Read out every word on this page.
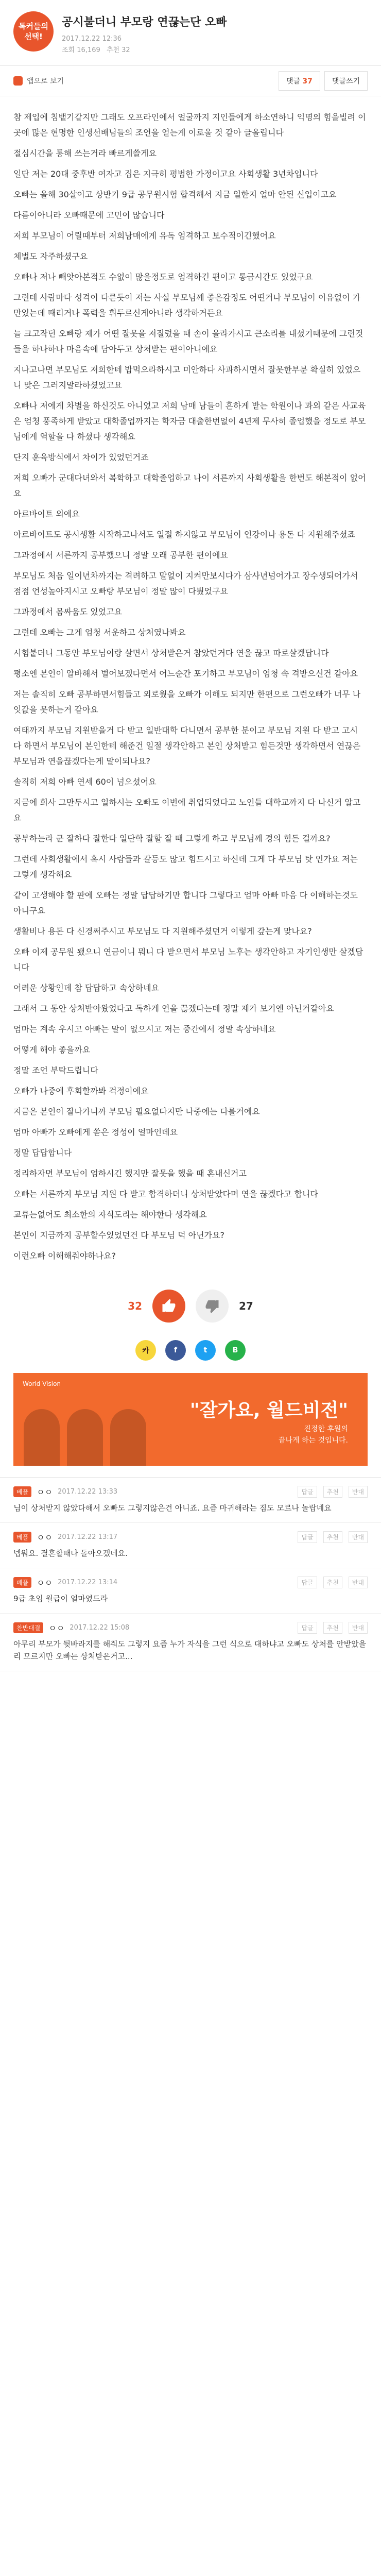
톡커들의
선택!
공시불더니 부모랑 연끊는단 오빠
2017.12.22 12:36
조회 16,169 추천 32
앱으로 보기	댓글 37	댓글쓰기

참 제입에 침뱉기같지만 그래도 오프라인에서 얼굴까지 지인들에게 하소연하니 익명의 힘을빌려 이곳에 많은 현명한 인생선배님들의 조언을 얻는게 이로울 것 같아 글올립니다

절심시간을 통해 쓰는거라 빠르게쓸게요

일단 저는 20대 중후반 여자고 집은 지극히 평범한 가정이고요 사회생활 3년차입니다

오빠는 올해 30살이고 상반기 9급 공무원시험 합격해서 지금 일한지 얼마 안된 신입이고요

다름이아니라 오빠때문에 고민이 많습니다

저희 부모님이 어릴때부터 저희남매에게 유독 엄격하고 보수적이긴했어요

체벌도 자주하셨구요

오빠나 저나 빼앗아본적도 수없이 많을정도로 엄격하긴 편이고 통금시간도 있었구요

그런데 사람마다 성격이 다른듯이 저는 사실 부모님께 좋은감정도 어떤거나 부모님이 이유없이 가만있는데 때리거나 폭력을 휘두르신게아니라 생각하거든요

늘 크고작던 오빠랑 제가 어떤 잘못을 저질렀을 때 손이 올라가시고 큰소리를 내셨기때문에 그런것들을 하나하나 마음속에 담아두고 상처받는 편이아니에요

지나고나면 부모님도 저희한테 밥먹으라하시고 미안하다 사과하시면서 잘못한부분 확실히 있었으니 맞은 그러지말라하셨었고요

오빠나 저에게 차별을 하신것도 아니었고 저희 남매 남들이 흔하게 받는 학원이나 과외 같은 사교육은 엄청 풍족하게 받았고 대학졸업까지는 학자금 대출한번없이 4년제 무사히 졸업했을 정도로 부모님에게 역할을 다 하셨다 생각해요

단지 훈육방식에서 차이가 있었던거죠

저희 오빠가 군대다녀와서 복학하고 대학졸업하고 나이 서른까지 사회생활을 한번도 해본적이 없어요

아르바이트 외에요

아르바이트도 공시생활 시작하고나서도 일절 하지않고 부모님이 인강이나 용돈 다 지원해주셨죠

그과정에서 서른까지 공부했으니 정말 오래 공부한 편이에요

부모님도 처음 일이년차까지는 격려하고 말없이 지켜만보시다가 삼사년넘어가고 장수생되어가서 점점 언성높아지시고 오빠랑 부모님이 정말 많이 다퉜었구요

그과정에서 몸싸움도 있었고요

그런데 오빠는 그게 엄청 서운하고 상처였나봐요

시험붙더니 그동안 부모님이랑 살면서 상처받은거 참았던거다 연을 끊고 따로살겠답니다

평소엔 본인이 알바해서 벌어보겠다면서 어느순간 포기하고 부모님이 엄청 속 격받으신건 같아요

저는 솔직히 오빠 공부하면서힘들고 외로웠을 오빠가 이해도 되지만 한편으로 그런오빠가 너무 나잇값을 못하는거 같아요

여태까지 부모님 지원받을거 다 받고 일반대학 다니면서 공부한 분이고 부모님 지원 다 받고 고시 다 하면서 부모님이 본인한테 해준건 일절 생각안하고 본인 상처받고 힘든것만 생각하면서 연끊은 부모님과 연을끊겠다는게 말이되나요?

솔직히 저희 아빠 연세 60이 넘으셨어요

지금에 회사 그만두시고 일하시는 오빠도 이번에 취업되었다고 노인들 대학교까지 다 나신거 알고요

공부하는라 군 잘하다 잘한다 일단학 잘할 잘 때 그렇게 하고 부모님께 경의 힘든 걸까요?

그런데 사회생활에서 혹시 사람들과 갈등도 많고 힘드시고 하신데 그게 다 부모님 탓 인가요 저는 그렇게 생각해요

같이 고생해야 할 판에 오빠는 정말 답답하기만 합니다 그렇다고 엄마 아빠 마음 다 이해하는것도 아니구요

생활비나 용돈 다 신경써주시고 부모님도 다 지원해주셨던거 이렇게 갚는게 맞나요?

오빠 이제 공무원 됐으니 연금이니 뭐니 다 받으면서 부모님 노후는 생각안하고 자기인생만 살겠답니다

어려운 상황인데 참 답답하고 속상하네요

그래서 그 동안 상처받아왔었다고 독하게 연을 끊겠다는데 정말 제가 보기엔 아닌거같아요

엄마는 계속 우시고 아빠는 말이 없으시고 저는 중간에서 정말 속상하네요

어떻게 해야 좋을까요

정말 조언 부탁드립니다

오빠가 나중에 후회할까봐 걱정이에요

지금은 본인이 잘나가니까 부모님 필요없다지만 나중에는 다를거에요

엄마 아빠가 오빠에게 쏟은 정성이 얼마인데요

정말 답답합니다

정리하자면 부모님이 엄하시긴 했지만 잘못을 했을 때 혼내신거고

오빠는 서른까지 부모님 지원 다 받고 합격하더니 상처받았다며 연을 끊겠다고 합니다

교류는없어도 최소한의 자식도리는 해야한다 생각해요

본인이 지금까지 공부할수있었던건 다 부모님 덕 아닌가요?

이런오빠 이해해줘야하나요?

32	27
카	f	t	B
World Vision
"잘가요, 월드비전"
진정한 후원의
끝나게 하는 것입니다.
베플	ㅇㅇ 2017.12.22 13:33	답글	추천	반대
님이 상처받지 않았다해서 오빠도 그렇지않은건 아니죠. 요즘 마귀해라는 짐도 모르나 놀랍네요
베플	ㅇㅇ 2017.12.22 13:17	답글	추천	반대
넵워요. 결혼할때나 돌아오겠네요.
베플	ㅇㅇ 2017.12.22 13:14	답글	추천	반대
9급 초임 월급이 얼마였드라
찬반대결	ㅇㅇ 2017.12.22 15:08	답글	추천	반대
아무리 부모가 뒷바라지를 해줘도 그렇지 요즘 누가 자식을 그런 식으로 대하냐고 오빠도 상처를 안받았을 리 모르지만 오빠는 상처받은거고...
